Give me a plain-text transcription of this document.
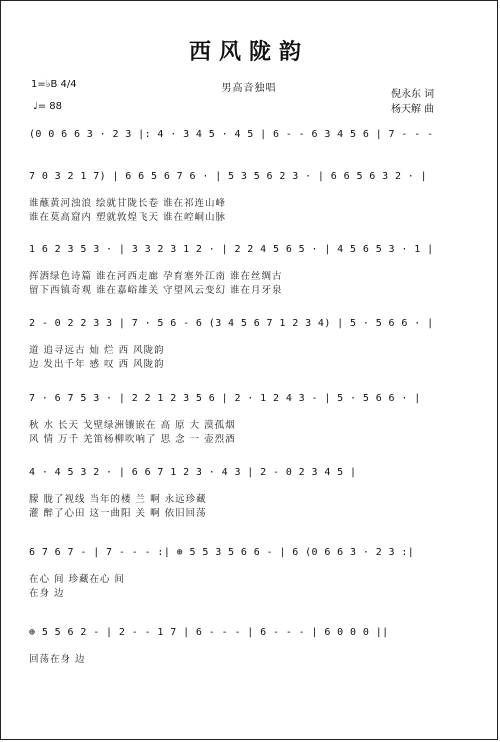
西风陇韵
男高音独唱
1=♭B 4/4
♩= 88
倪永东 词
杨天解 曲
(0 0 6 6 3 · 2 3 |: 4 · 3 4 5 · 4 5 | 6 - - 6 3 4 5 6 | 7 - - -
7 0 3 2 1 7) | 6 6 5 6 7 6 · | 5 3 5 6 2 3 · | 6 6 5 6 3 2 · |
谁蘸黄河浊浪 绘就甘陇长卷 谁在祁连山峰
谁在莫高窟内 塑就敦煌飞天 谁在崆峒山脉
1 6 2 3 5 3 · | 3 3 2 3 1 2 · | 2 2 4 5 6 5 · | 4 5 6 5 3 · 1 |
挥洒绿色诗篇 谁在河西走廊 孕育塞外江南 谁在丝绸古
留下西镇奇观 谁在嘉峪雄关 守望风云变幻 谁在月牙泉
2 - 0 2 2 3 3 | 7 · 5 6 - 6 (3 4 5 6 7 1 2 3 4) | 5 · 5 6 6 · |
道 追寻远古 灿 烂 西 风陇韵
边 发出千年 感 叹 西 风陇韵
7 · 6 7 5 3 · | 2 2 1 2 3 5 6 | 2 · 1 2 4 3 - | 5 · 5 6 6 · |
秋 水 长天 戈壁绿洲镶嵌在 高 原 大 漠孤烟
风 情 万千 羌笛杨柳吹响了 思 念 一 壶烈酒
4 · 4 5 3 2 · | 6 6 7 1 2 3 · 4 3 | 2 - 0 2 3 4 5 |
朦 胧了视线 当年的楼 兰 啊 永远珍藏
灌 醉了心田 这一曲阳 关 啊 依旧回荡
6 7 6 7 - | 7 - - - :| ⊕ 5 5 3 5 6 6 - | 6 (0 6 6 3 · 2 3 :|
在心 间 珍藏在心 间
在身 边
⊕ 5 5 6 2 - | 2 - - 1 7 | 6 - - - | 6 - - - | 6 0 0 0 ||
回荡在身 边
